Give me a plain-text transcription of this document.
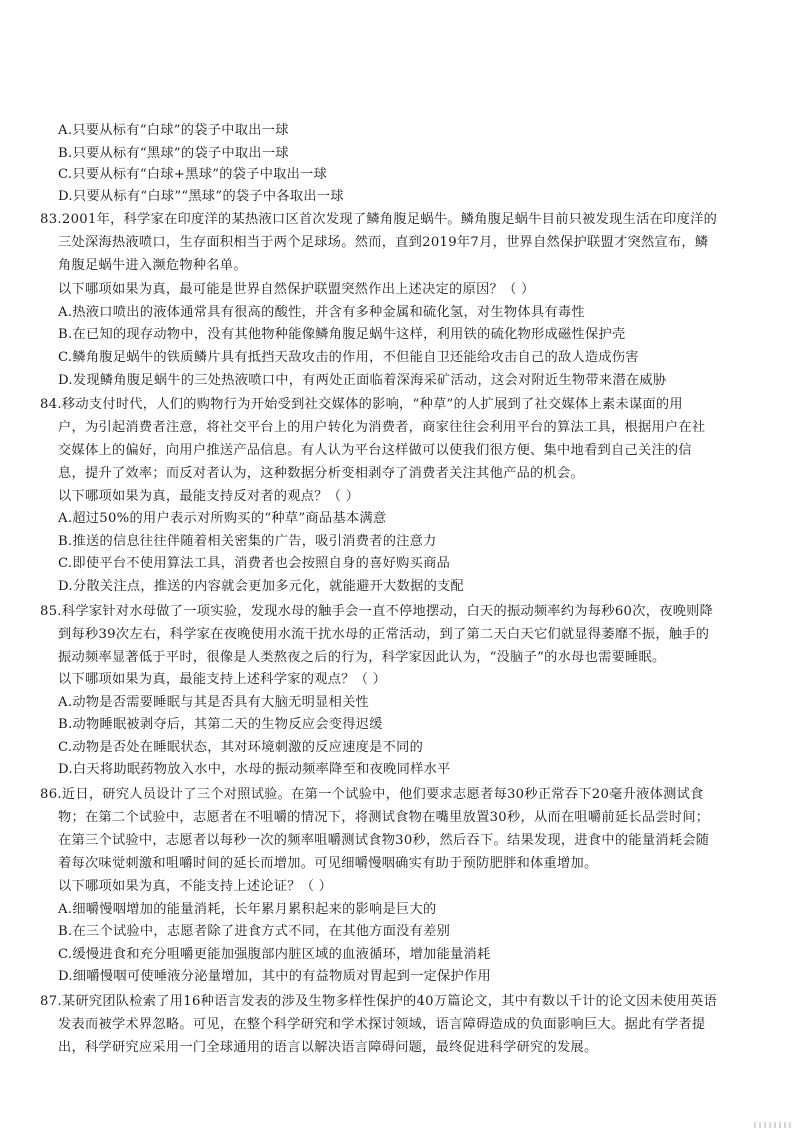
A.只要从标有“白球”的袋子中取出一球
B.只要从标有“黑球”的袋子中取出一球
C.只要从标有“白球+黑球”的袋子中取出一球
D.只要从标有“白球”“黑球”的袋子中各取出一球
83.2001年，科学家在印度洋的某热液口区首次发现了鳞角腹足蜗牛。鳞角腹足蜗牛目前只被发现生活在印度洋的
三处深海热液喷口，生存面积相当于两个足球场。然而，直到2019年7月，世界自然保护联盟才突然宣布，鳞
角腹足蜗牛进入濒危物种名单。
以下哪项如果为真，最可能是世界自然保护联盟突然作出上述决定的原因？（ ）
A.热液口喷出的液体通常具有很高的酸性，并含有多种金属和硫化氢，对生物体具有毒性
B.在已知的现存动物中，没有其他物种能像鳞角腹足蜗牛这样，利用铁的硫化物形成磁性保护壳
C.鳞角腹足蜗牛的铁质鳞片具有抵挡天敌攻击的作用，不但能自卫还能给攻击自己的敌人造成伤害
D.发现鳞角腹足蜗牛的三处热液喷口中，有两处正面临着深海采矿活动，这会对附近生物带来潜在威胁
84.移动支付时代，人们的购物行为开始受到社交媒体的影响，“种草”的人扩展到了社交媒体上素未谋面的用
户，为引起消费者注意，将社交平台上的用户转化为消费者，商家往往会利用平台的算法工具，根据用户在社
交媒体上的偏好，向用户推送产品信息。有人认为平台这样做可以使我们很方便、集中地看到自己关注的信
息，提升了效率；而反对者认为，这种数据分析变相剥夺了消费者关注其他产品的机会。
以下哪项如果为真，最能支持反对者的观点？（ ）
A.超过50%的用户表示对所购买的“种草”商品基本满意
B.推送的信息往往伴随着相关密集的广告，吸引消费者的注意力
C.即使平台不使用算法工具，消费者也会按照自身的喜好购买商品
D.分散关注点，推送的内容就会更加多元化，就能避开大数据的支配
85.科学家针对水母做了一项实验，发现水母的触手会一直不停地摆动，白天的振动频率约为每秒60次，夜晚则降
到每秒39次左右，科学家在夜晚使用水流干扰水母的正常活动，到了第二天白天它们就显得萎靡不振，触手的
振动频率显著低于平时，很像是人类熬夜之后的行为，科学家因此认为，“没脑子”的水母也需要睡眠。
以下哪项如果为真，最能支持上述科学家的观点？（ ）
A.动物是否需要睡眠与其是否具有大脑无明显相关性
B.动物睡眠被剥夺后，其第二天的生物反应会变得迟缓
C.动物是否处在睡眠状态，其对环境刺激的反应速度是不同的
D.白天将助眠药物放入水中，水母的振动频率降至和夜晚同样水平
86.近日，研究人员设计了三个对照试验。在第一个试验中，他们要求志愿者每30秒正常吞下20毫升液体测试食
物；在第二个试验中，志愿者在不咀嚼的情况下，将测试食物在嘴里放置30秒，从而在咀嚼前延长品尝时间；
在第三个试验中，志愿者以每秒一次的频率咀嚼测试食物30秒，然后吞下。结果发现，进食中的能量消耗会随
着每次味觉刺激和咀嚼时间的延长而增加。可见细嚼慢咽确实有助于预防肥胖和体重增加。
以下哪项如果为真，不能支持上述论证？（ ）
A.细嚼慢咽增加的能量消耗，长年累月累积起来的影响是巨大的
B.在三个试验中，志愿者除了进食方式不同，在其他方面没有差别
C.缓慢进食和充分咀嚼更能加强腹部内脏区域的血液循环，增加能量消耗
D.细嚼慢咽可使唾液分泌量增加，其中的有益物质对胃起到一定保护作用
87.某研究团队检索了用16种语言发表的涉及生物多样性保护的40万篇论文，其中有数以千计的论文因未使用英语
发表而被学术界忽略。可见，在整个科学研究和学术探讨领域，语言障碍造成的负面影响巨大。据此有学者提
出，科学研究应采用一门全球通用的语言以解决语言障碍问题，最终促进科学研究的发展。
